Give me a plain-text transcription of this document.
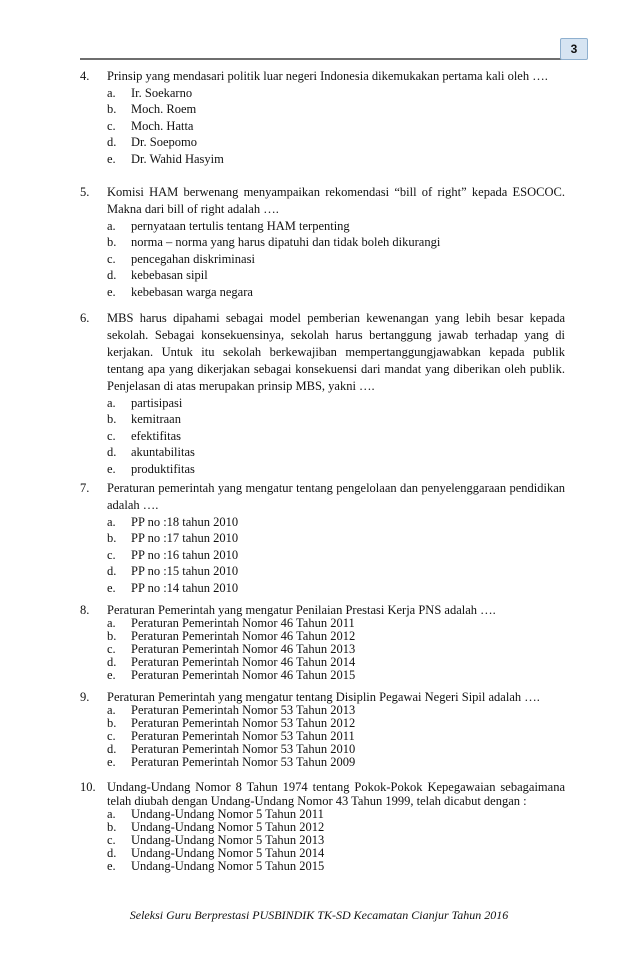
3
4.	Prinsip yang mendasari politik luar negeri Indonesia dikemukakan pertama kali oleh ….
a.	Ir. Soekarno
b.	Moch. Roem
c.	Moch. Hatta
d.	Dr. Soepomo
e.	Dr. Wahid Hasyim
5.	Komisi HAM berwenang menyampaikan rekomendasi “bill of right” kepada ESOCOC. Makna dari bill of right adalah ….
a.	pernyataan tertulis tentang HAM terpenting
b.	norma – norma yang harus dipatuhi dan tidak boleh dikurangi
c.	pencegahan diskriminasi
d.	kebebasan sipil
e.	kebebasan warga negara
6.	MBS harus dipahami sebagai model pemberian kewenangan yang lebih besar kepada sekolah. Sebagai konsekuensinya, sekolah harus bertanggung jawab terhadap yang di kerjakan. Untuk itu sekolah berkewajiban mempertanggungjawabkan kepada publik tentang apa yang dikerjakan sebagai konsekuensi dari mandat yang diberikan oleh publik. Penjelasan di atas merupakan prinsip MBS, yakni ….
a.	partisipasi
b.	kemitraan
c.	efektifitas
d.	akuntabilitas
e.	produktifitas
7.	Peraturan pemerintah yang mengatur tentang pengelolaan dan penyelenggaraan pendidikan adalah ….
a.	PP no :18 tahun 2010
b.	PP no :17 tahun 2010
c.	PP no :16 tahun 2010
d.	PP no :15 tahun 2010
e.	PP no :14 tahun 2010
8.	Peraturan Pemerintah yang mengatur Penilaian Prestasi Kerja PNS adalah ….
a.	Peraturan Pemerintah Nomor 46 Tahun 2011
b.	Peraturan Pemerintah Nomor 46 Tahun 2012
c.	Peraturan Pemerintah Nomor 46 Tahun 2013
d.	Peraturan Pemerintah Nomor 46 Tahun 2014
e.	Peraturan Pemerintah Nomor 46 Tahun 2015
9.	Peraturan Pemerintah yang mengatur tentang Disiplin Pegawai Negeri Sipil adalah ….
a.	Peraturan Pemerintah Nomor 53 Tahun 2013
b.	Peraturan Pemerintah Nomor 53 Tahun 2012
c.	Peraturan Pemerintah Nomor 53 Tahun 2011
d.	Peraturan Pemerintah Nomor 53 Tahun 2010
e.	Peraturan Pemerintah Nomor 53 Tahun 2009
10. Undang-Undang Nomor 8 Tahun 1974 tentang Pokok-Pokok Kepegawaian sebagaimana telah diubah dengan Undang-Undang Nomor 43 Tahun 1999, telah dicabut dengan :
a.	Undang-Undang Nomor 5 Tahun 2011
b.	Undang-Undang Nomor 5 Tahun 2012
c.	Undang-Undang Nomor 5 Tahun 2013
d.	Undang-Undang Nomor 5 Tahun 2014
e.	Undang-Undang Nomor 5 Tahun 2015
Seleksi Guru Berprestasi PUSBINDIK TK-SD Kecamatan Cianjur Tahun 2016
